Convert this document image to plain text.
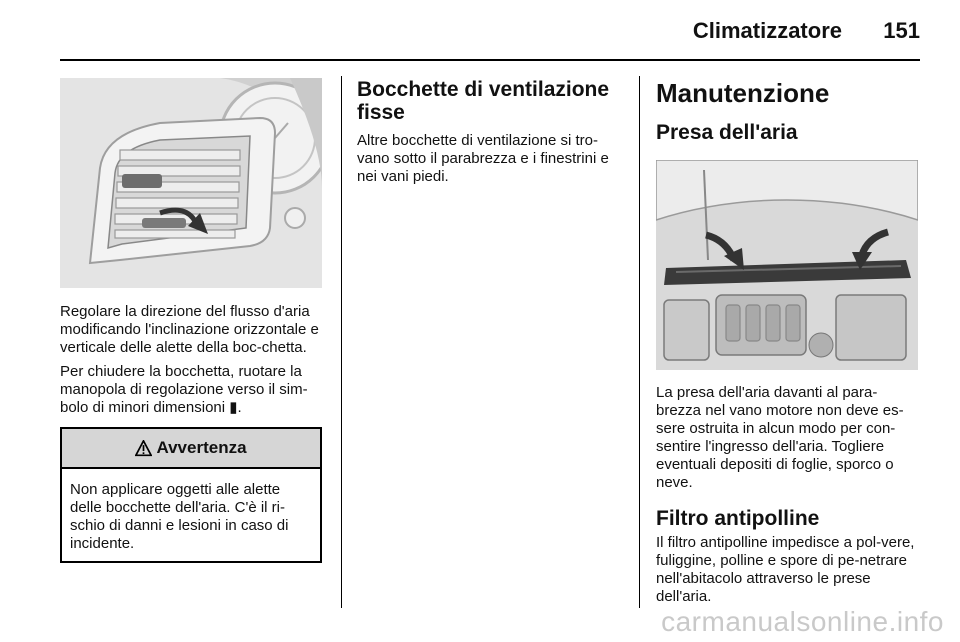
Climatizzatore 151

Regolare la direzione del flusso d'aria modificando l'inclinazione orizzontale e verticale delle alette della boc-chetta.

Per chiudere la bocchetta, ruotare la manopola di regolazione verso il sim-bolo di minori dimensioni ▮.

Avvertenza
Non applicare oggetti alle alette delle bocchette dell'aria. C'è il ri-schio di danni e lesioni in caso di incidente.
Bocchette di ventilazione fisse

Altre bocchette di ventilazione si tro-vano sotto il parabrezza e i finestrini e nei vani piedi.

Manutenzione
Presa dell'aria

La presa dell'aria davanti al para-brezza nel vano motore non deve es-sere ostruita in alcun modo per con-sentire l'ingresso dell'aria. Togliere eventuali depositi di foglie, sporco o neve.

Filtro antipolline

Il filtro antipolline impedisce a pol-vere, fuliggine, polline e spore di pe-netrare nell'abitacolo attraverso le prese dell'aria.

carmanualsonline.info
